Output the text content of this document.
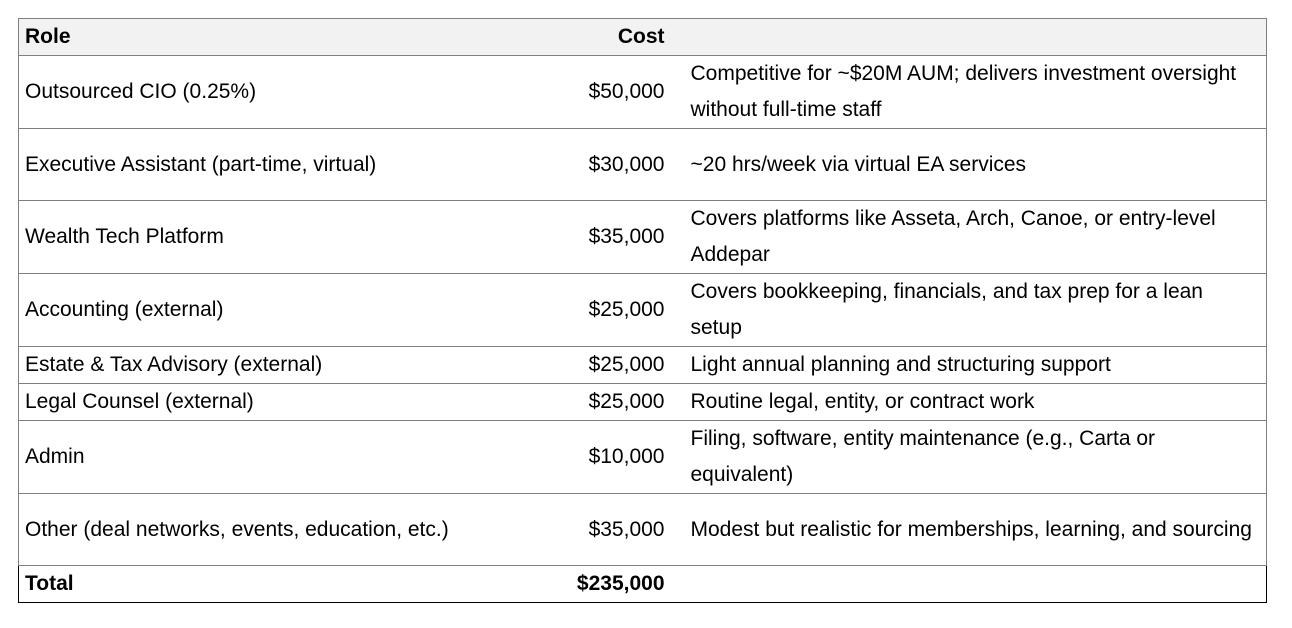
Role	Cost	
Outsourced CIO (0.25%)	$50,000	Competitive for ~$20M AUM; delivers investment oversight without full-time staff
Executive Assistant (part-time, virtual)	$30,000	~20 hrs/week via virtual EA services
Wealth Tech Platform	$35,000	Covers platforms like Asseta, Arch, Canoe, or entry-level Addepar
Accounting (external)	$25,000	Covers bookkeeping, financials, and tax prep for a lean setup
Estate & Tax Advisory (external)	$25,000	Light annual planning and structuring support
Legal Counsel (external)	$25,000	Routine legal, entity, or contract work
Admin	$10,000	Filing, software, entity maintenance (e.g., Carta or equivalent)
Other (deal networks, events, education, etc.)	$35,000	Modest but realistic for memberships, learning, and sourcing
Total	$235,000	
